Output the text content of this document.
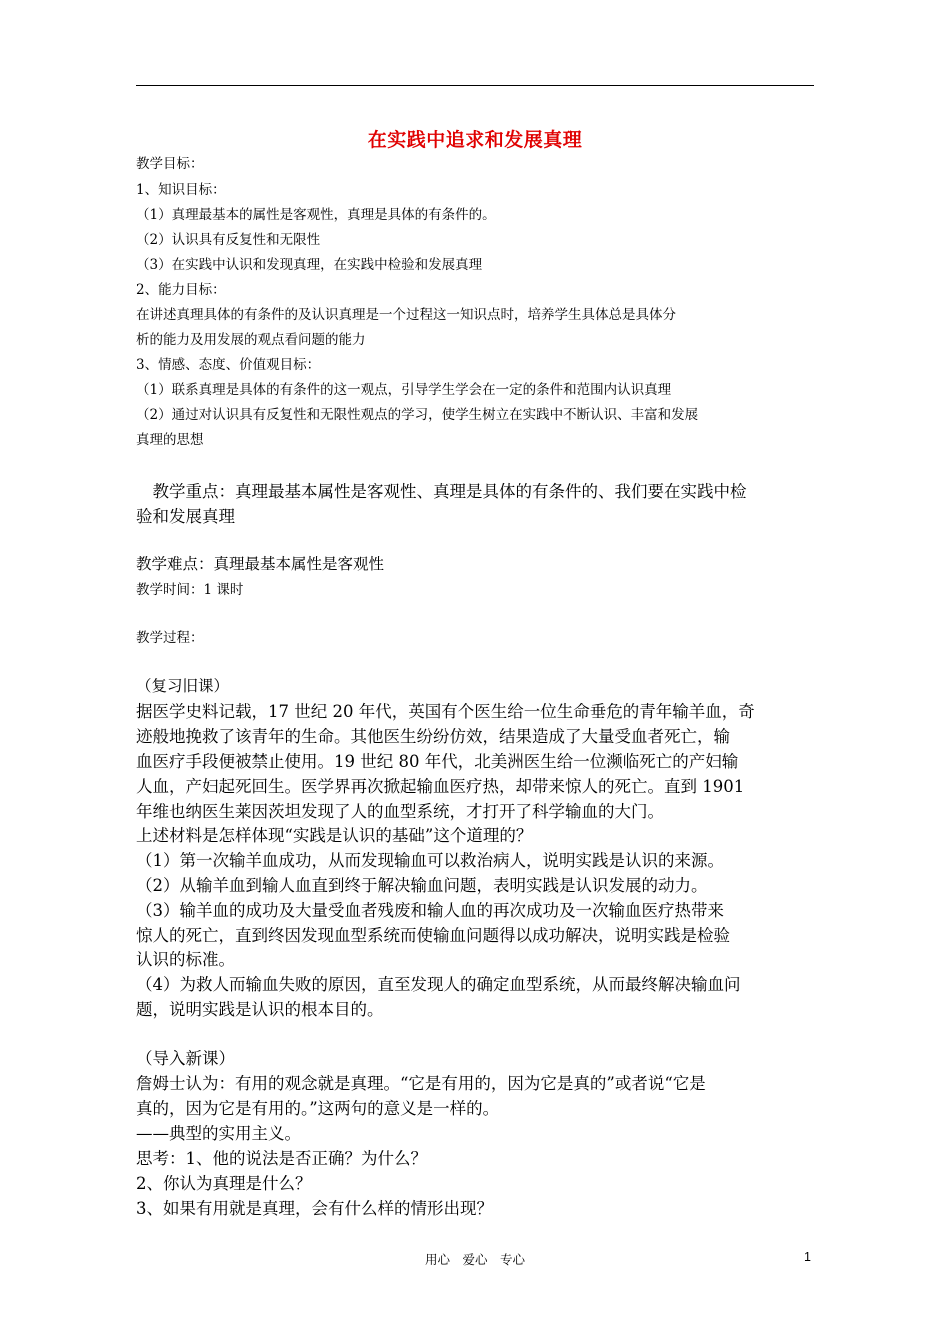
在实践中追求和发展真理
教学目标：
1、知识目标：
（1）真理最基本的属性是客观性，真理是具体的有条件的。
（2）认识具有反复性和无限性
（3）在实践中认识和发现真理，在实践中检验和发展真理
2、能力目标：
在讲述真理具体的有条件的及认识真理是一个过程这一知识点时，培养学生具体总是具体分
析的能力及用发展的观点看问题的能力
3、情感、态度、价值观目标：
（1）联系真理是具体的有条件的这一观点，引导学生学会在一定的条件和范围内认识真理
（2）通过对认识具有反复性和无限性观点的学习，使学生树立在实践中不断认识、丰富和发展
真理的思想
　教学重点：真理最基本属性是客观性、真理是具体的有条件的、我们要在实践中检
验和发展真理
教学难点：真理最基本属性是客观性
教学时间：1 课时
教学过程：
（复习旧课）
据医学史料记载，17 世纪 20 年代，英国有个医生给一位生命垂危的青年输羊血，奇
迹般地挽救了该青年的生命。其他医生纷纷仿效，结果造成了大量受血者死亡，输
血医疗手段便被禁止使用。19 世纪 80 年代，北美洲医生给一位濒临死亡的产妇输
人血，产妇起死回生。医学界再次掀起输血医疗热，却带来惊人的死亡。直到 1901
年维也纳医生莱因茨坦发现了人的血型系统，才打开了科学输血的大门。
上述材料是怎样体现“实践是认识的基础”这个道理的？
（1）第一次输羊血成功，从而发现输血可以救治病人，说明实践是认识的来源。
（2）从输羊血到输人血直到终于解决输血问题，表明实践是认识发展的动力。
（3）输羊血的成功及大量受血者残废和输人血的再次成功及一次输血医疗热带来
惊人的死亡，直到终因发现血型系统而使输血问题得以成功解决，说明实践是检验
认识的标准。
（4）为救人而输血失败的原因，直至发现人的确定血型系统，从而最终解决输血问
题，说明实践是认识的根本目的。
（导入新课）
詹姆士认为：有用的观念就是真理。“它是有用的，因为它是真的”或者说“它是
真的，因为它是有用的。”这两句的意义是一样的。
——典型的实用主义。
思考：1、他的说法是否正确？为什么？
2、你认为真理是什么？
3、如果有用就是真理，会有什么样的情形出现？
用心　爱心　专心	1
